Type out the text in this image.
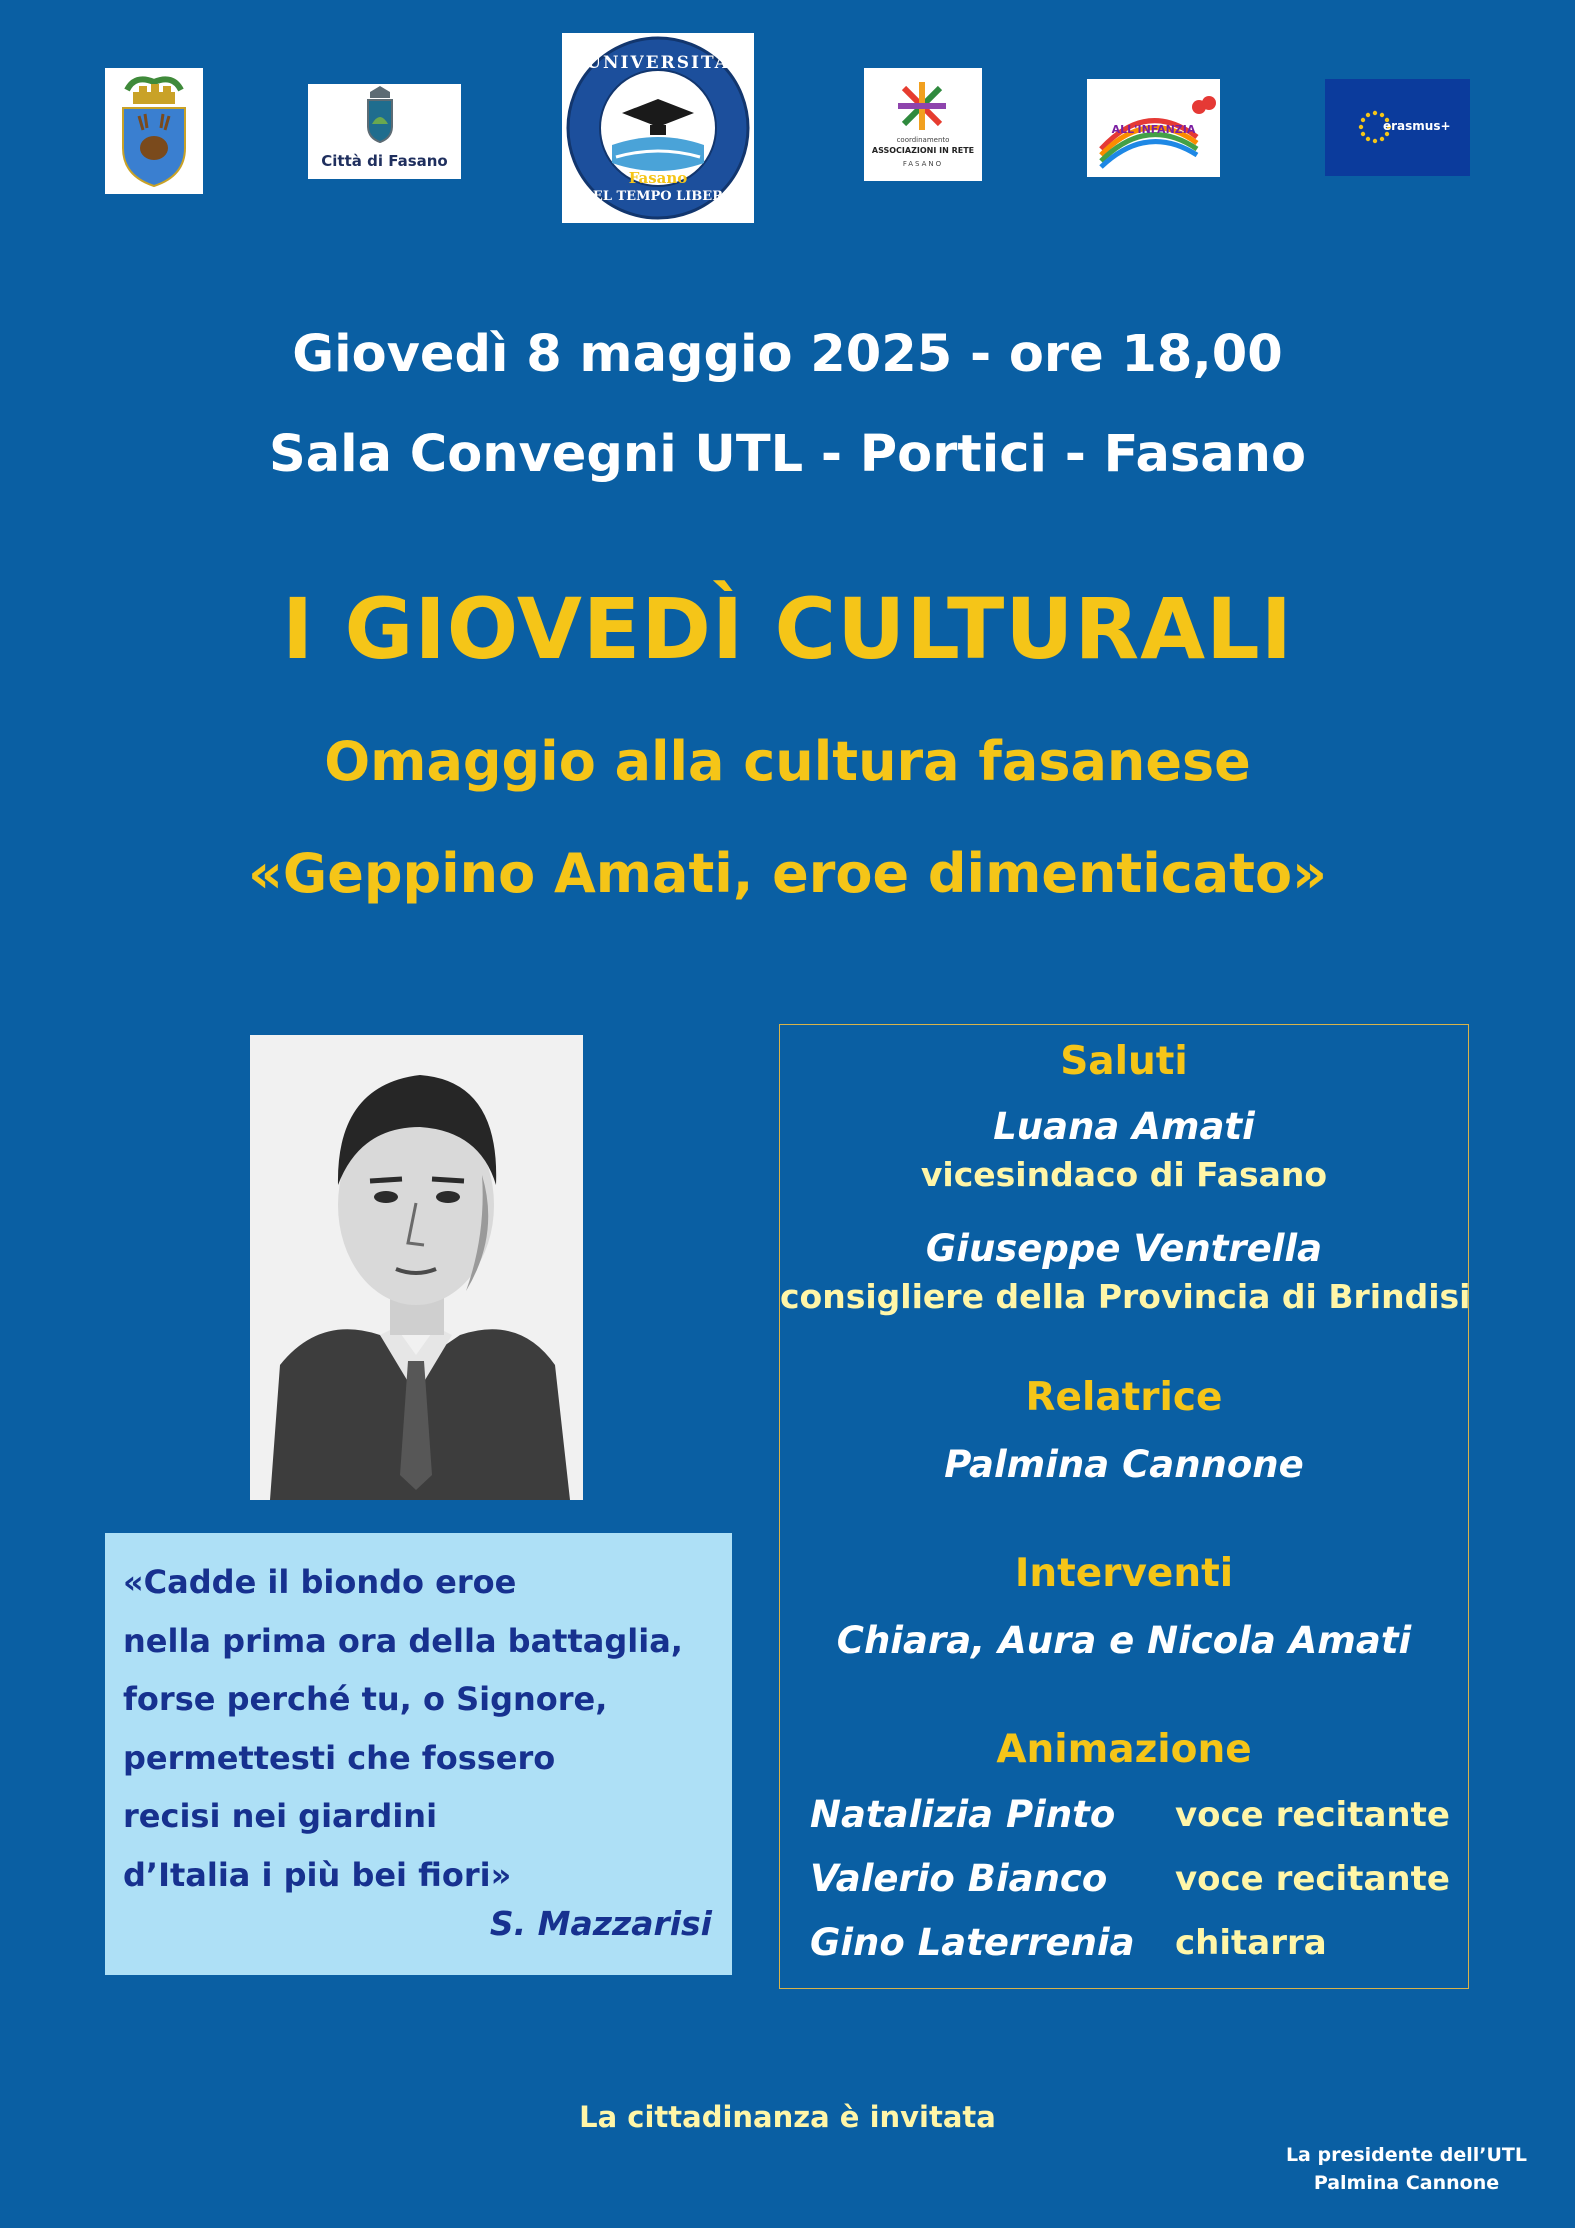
Città di Fasano
UNIVERSITÀ
Fasano
DEL TEMPO LIBERO
coordinamento
ASSOCIAZIONI IN RETE
FASANO
ALL'INFANZIA	erasmus+
Giovedì 8 maggio 2025 - ore 18,00
Sala Convegni UTL - Portici - Fasano
I GIOVEDÌ CULTURALI
Omaggio alla cultura fasanese
«Geppino Amati, eroe dimenticato»
«Cadde il biondo eroe
nella prima ora della battaglia,
forse perché tu, o Signore,
permettesti che fossero
recisi nei giardini
d’Italia i più bei fiori»
S. Mazzarisi
Saluti
Luana Amati
vicesindaco di Fasano
Giuseppe Ventrella
consigliere della Provincia di Brindisi
Relatrice
Palmina Cannone
Interventi
Chiara, Aura e Nicola Amati
Animazione
Natalizia Pinto voce recitante
Valerio Bianco voce recitante
Gino Laterrenia chitarra
La cittadinanza è invitata
La presidente dell’UTL
Palmina Cannone
